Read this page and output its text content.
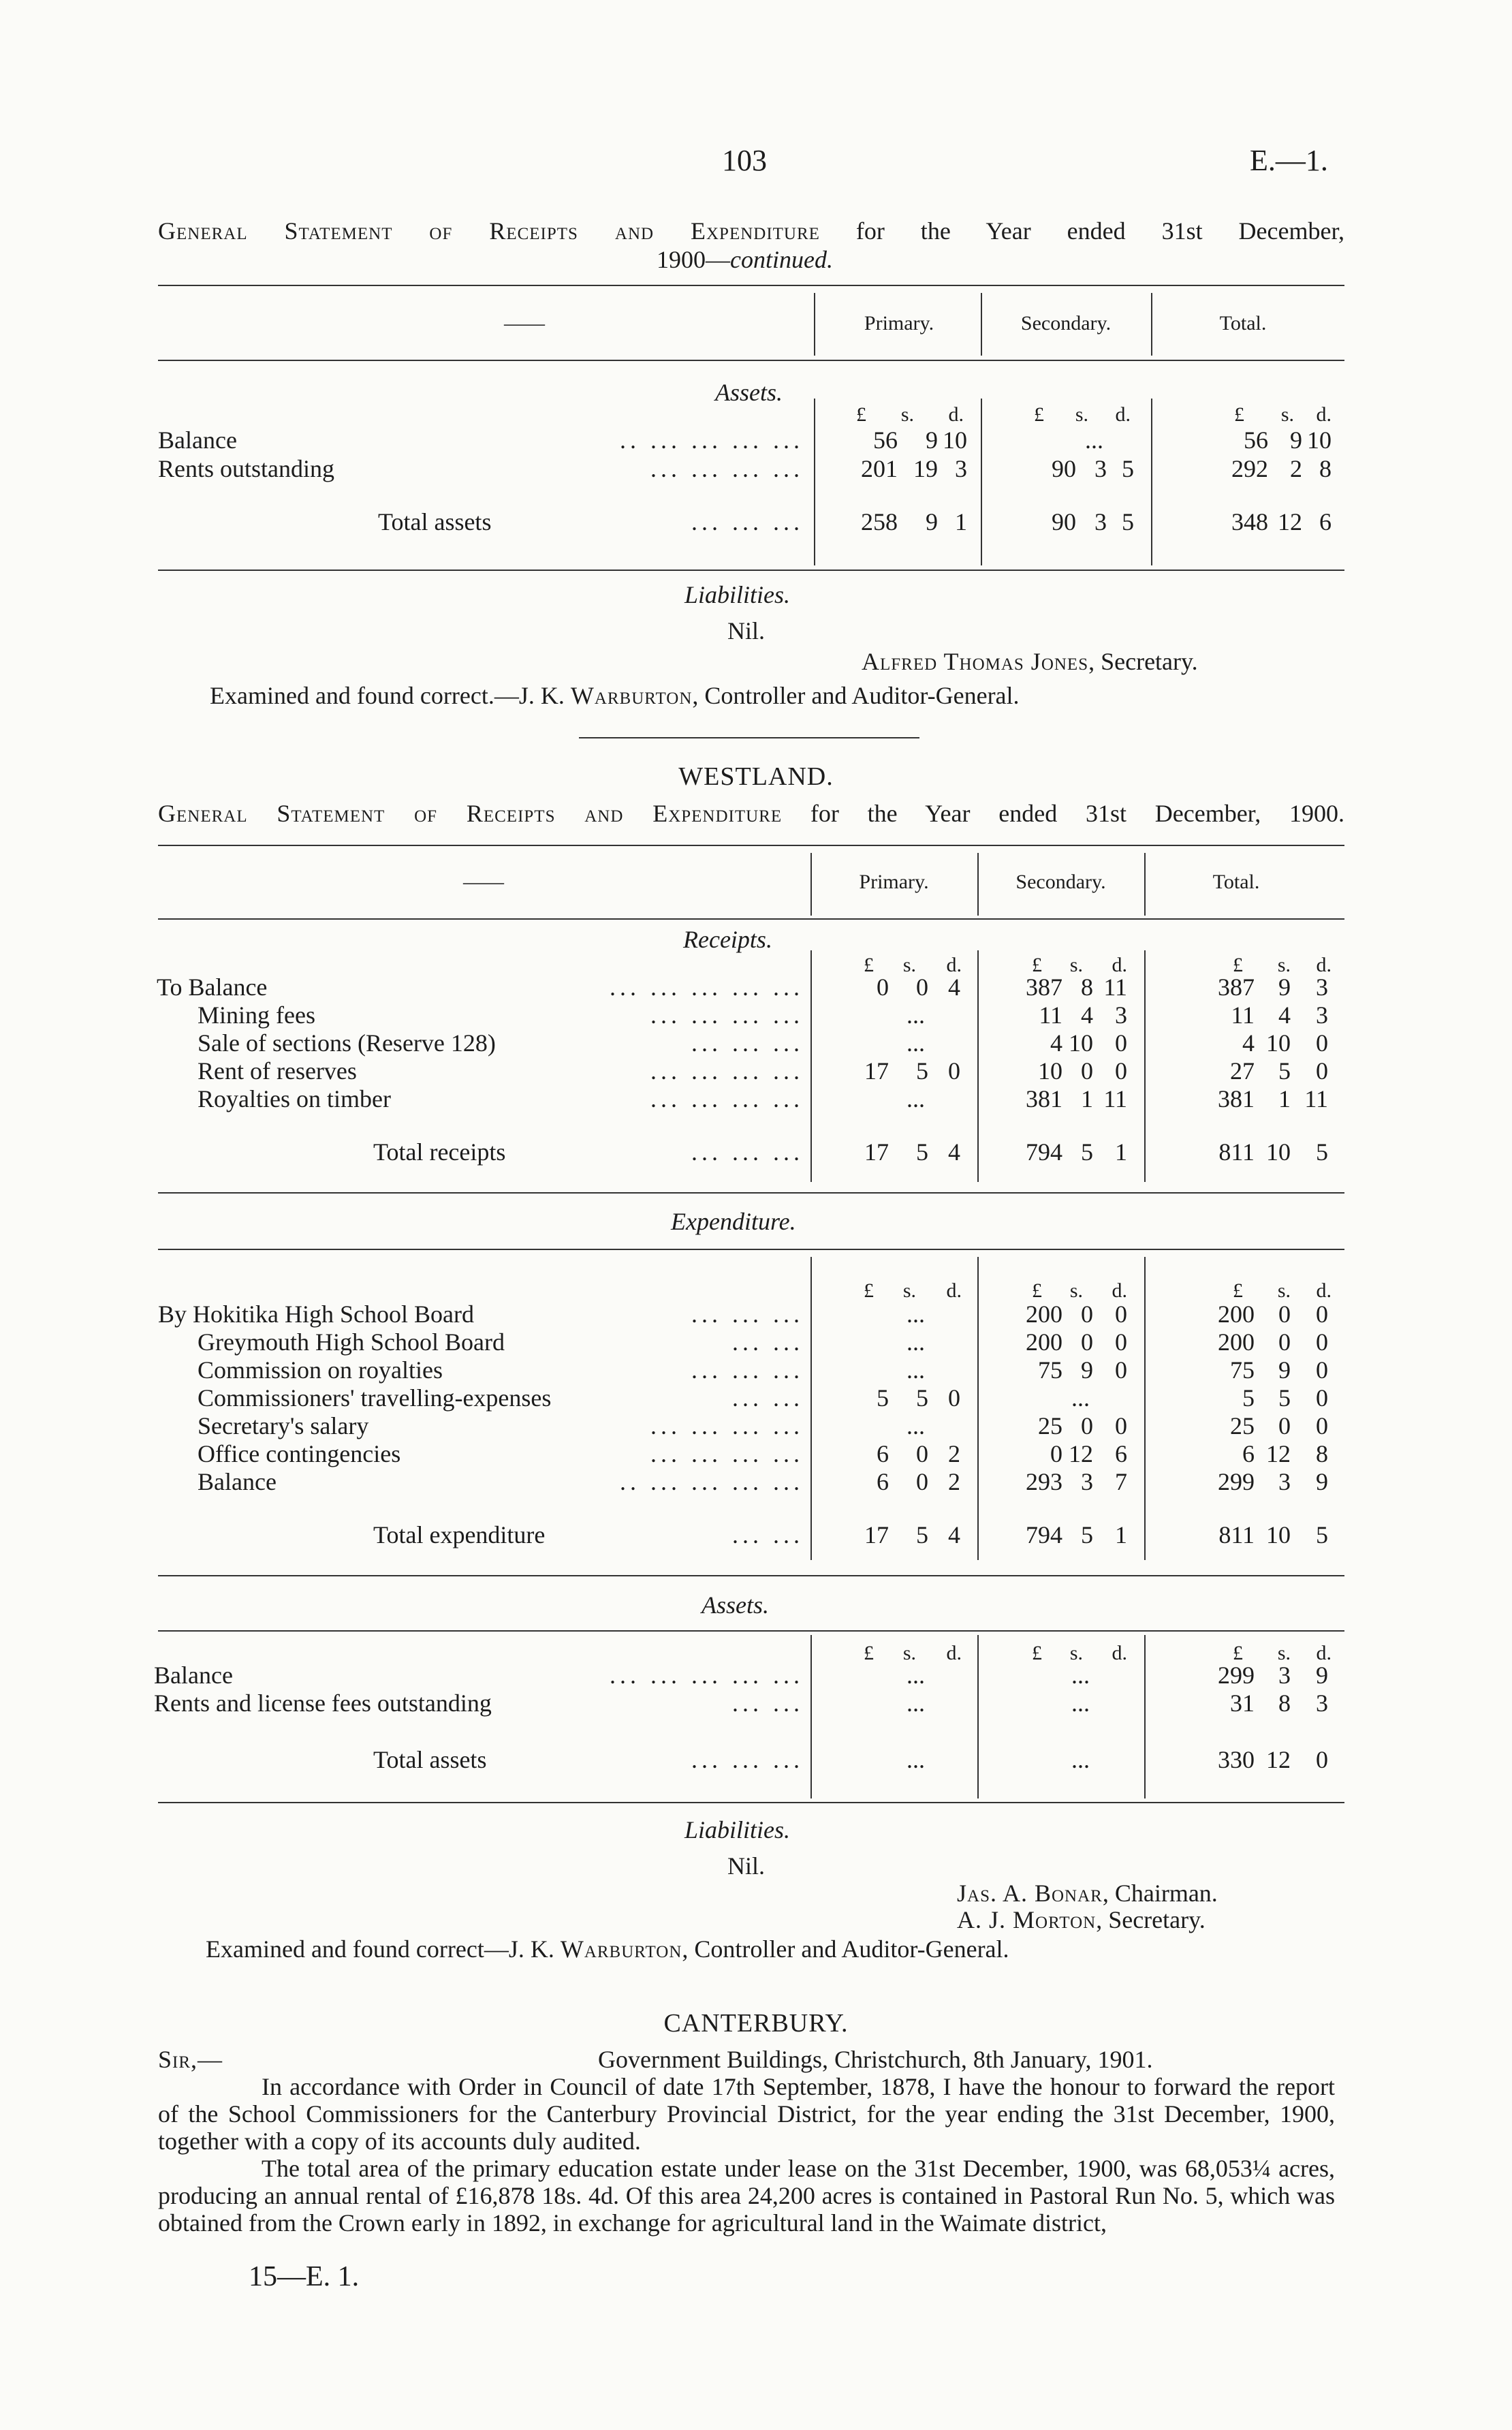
103	E.—1.
General Statement of Receipts and Expenditure for the Year ended 31st December,
1900—continued.
——	Primary.	Secondary.	Total.
Assets.
£ s. d.	£ s. d.	£ s. d.
Balance	.. ... ... ... ...	56 9 10	...	56 9 10
Rents outstanding	... ... ... ... 201 19 3	90 3 5	292 2 8
Total assets	... ... ... 258 9 1	90 3 5	348 12 6
Liabilities.
Nil.
Alfred Thomas Jones, Secretary.
Examined and found correct.—J. K. Warburton, Controller and Auditor-General.
WESTLAND.
General Statement of Receipts and Expenditure for the Year ended 31st December, 1900.
——	Primary.	Secondary.	Total.
Receipts.
£ s. d.	£ s. d.	£ s. d.
To Balance	... ... ... ... ...	0 0 4	387 8 11	387 9 3
Mining fees	... ... ... ...	...	11 4 3	11 4 3
Sale of sections (Reserve 128)	... ... ...	...	4 10 0	4 10 0
Rent of reserves	... ... ... ... 17 5 0	10 0 0	27 5 0
Royalties on timber	... ... ... ...	...	381 1 11	381 1 11
Total receipts	... ... ... 17 5 4	794 5 1	811 10 5
Expenditure.
£ s. d.	£ s. d.	£ s. d.
By Hokitika High School Board	... ... ...	...	200 0 0	200 0 0
Greymouth High School Board	... ...	...	200 0 0	200 0 0
Commission on royalties	... ... ...	...	75 9 0	75 9 0
Commissioners' travelling-expenses	... ...	5 5 0	...	5 5 0
Secretary's salary	... ... ... ...	...	25 0 0	25 0 0
Office contingencies	... ... ... ...	6 0 2	0 12 6	6 12 8
Balance	.. ... ... ... ...	6 0 2	293 3 7	299 3 9
Total expenditure	... ... 17 5 4	794 5 1	811 10 5
Assets.
£ s. d.	£ s. d.	£ s. d.
Balance	... ... ... ... ...	...	...	299 3 9
Rents and license fees outstanding	... ...	...	...	31 8 3
Total assets	... ... ...	...	...	330 12 0
Liabilities.
Nil.
Jas. A. Bonar, Chairman.
A. J. Morton, Secretary.
Examined and found correct—J. K. Warburton, Controller and Auditor-General.
CANTERBURY.
Sir,—	Government Buildings, Christchurch, 8th January, 1901.
In accordance with Order in Council of date 17th September, 1878, I have the honour to forward the report of the School Commissioners for the Canterbury Provincial District, for the year ending the 31st December, 1900, together with a copy of its accounts duly audited.
The total area of the primary education estate under lease on the 31st December, 1900, was 68,053¼ acres, producing an annual rental of £16,878 18s. 4d. Of this area 24,200 acres is contained in Pastoral Run No. 5, which was obtained from the Crown early in 1892, in exchange for agricultural land in the Waimate district,
15—E. 1.
